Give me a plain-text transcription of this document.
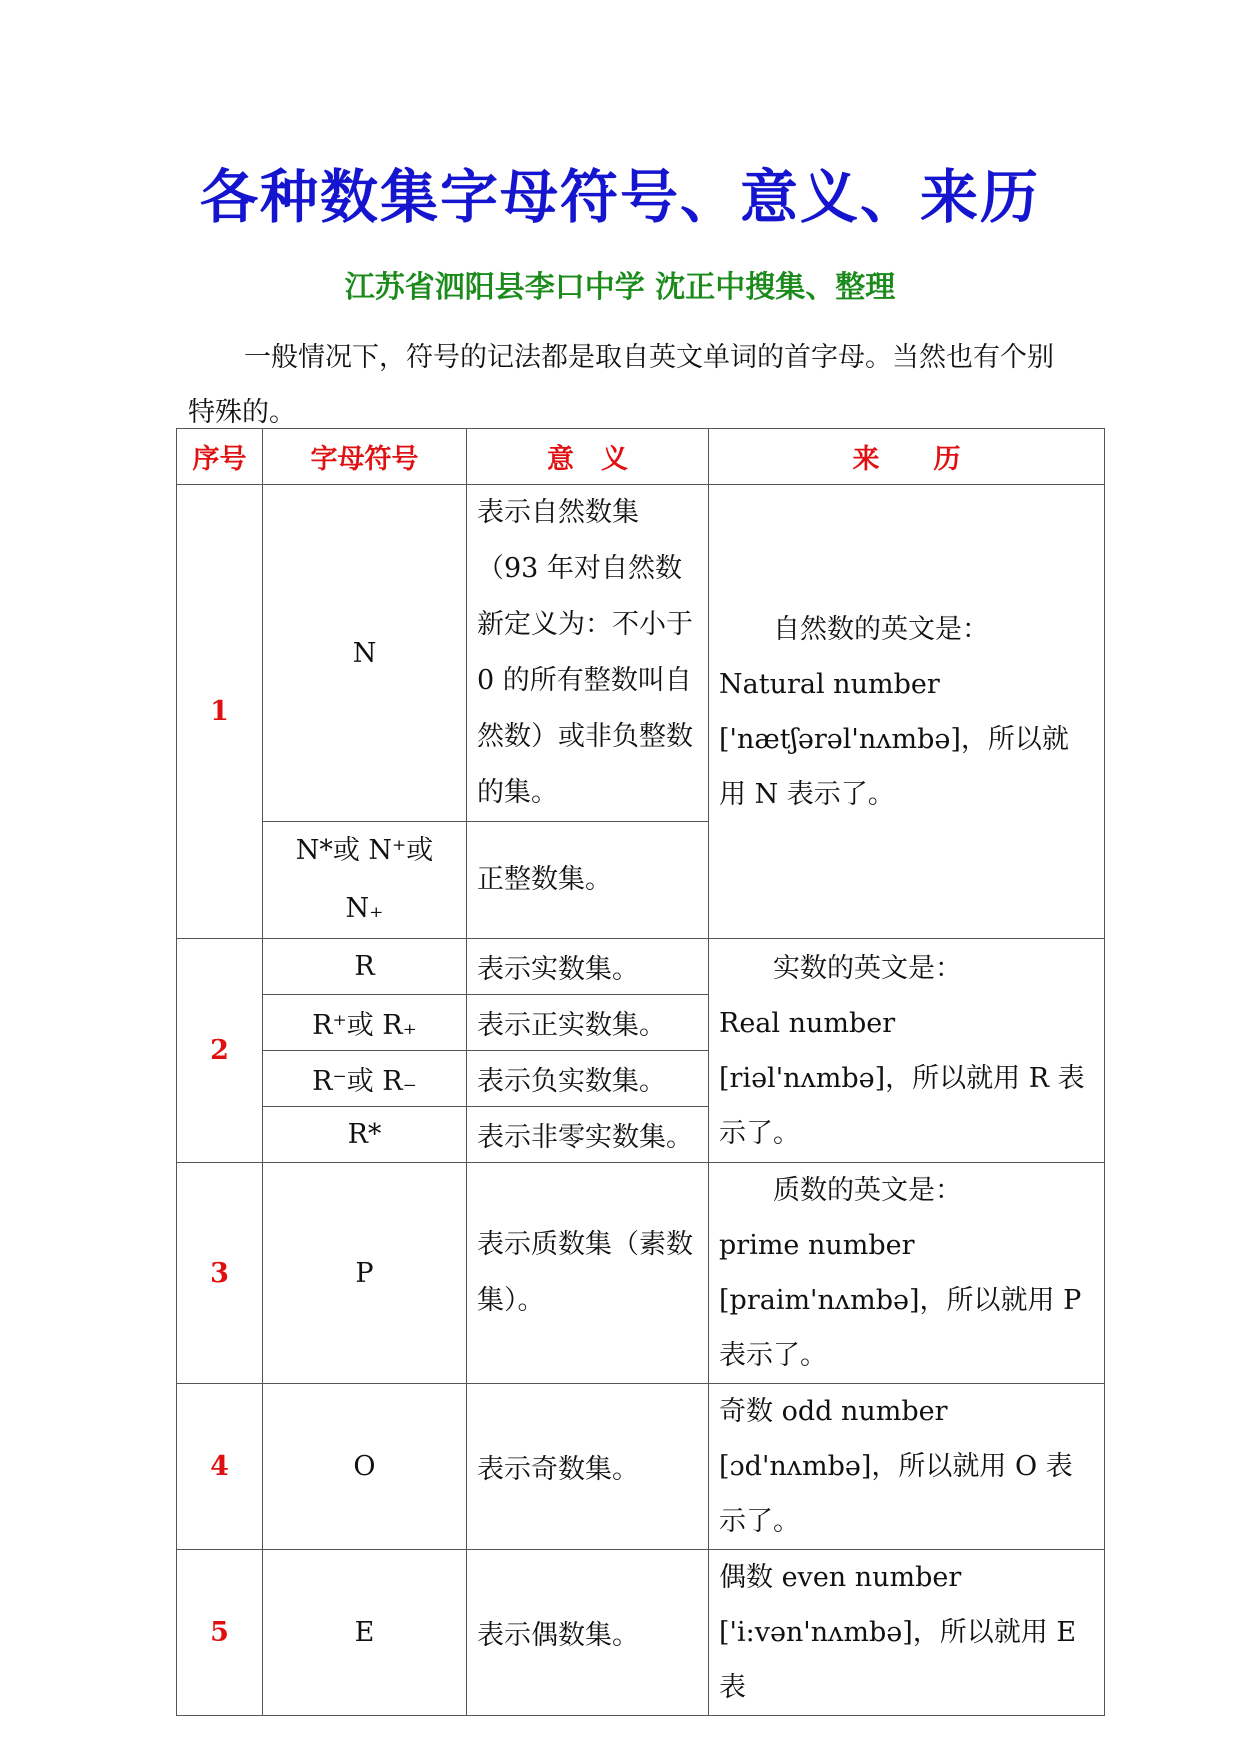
各种数集字母符号、意义、来历
江苏省泗阳县李口中学 沈正中搜集、整理

一般情况下，符号的记法都是取自英文单词的首字母。当然也有个别特殊的。

序号	字母符号	意　义	来　　历
1	N	表示自然数集（93 年对自然数新定义为：不小于 0 的所有整数叫自然数）或非负整数的集。	自然数的英文是：
Natural number ['nætʃərəl'nʌmbə]，所以就用 N 表示了。

	N*或 N⁺或 N₊	正整数集。	
2	R	表示实数集。	实数的英文是：
Real number [riəl'nʌmbə]，所以就用 R 表示了。

	R⁺或 R₊	表示正实数集。	
	R⁻或 R₋	表示负实数集。	
	R*	表示非零实数集。	
3	P	表示质数集（素数集）。	质数的英文是：
prime number [praim'nʌmbə]，所以就用 P 表示了。

4	O	表示奇数集。	奇数 odd number [ɔd'nʌmbə]，所以就用 O 表示了。

5	E	表示偶数集。	偶数 even number ['i:vən'nʌmbə]，所以就用 E 表
